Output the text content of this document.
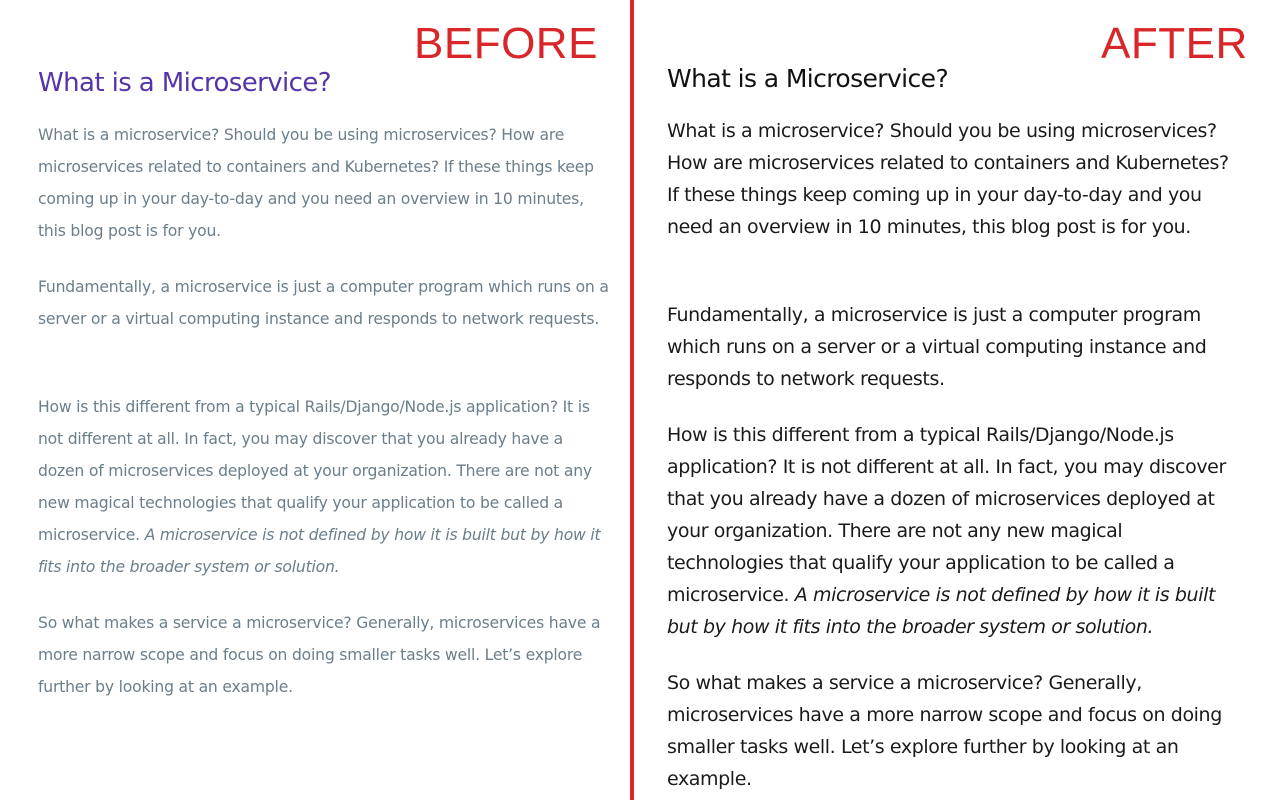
BEFORE	AFTER
What is a Microservice?

What is a microservice? Should you be using microservices? How are microservices related to containers and Kubernetes? If these things keep coming up in your day-to-day and you need an overview in 10 minutes, this blog post is for you.

Fundamentally, a microservice is just a computer program which runs on a server or a virtual computing instance and responds to network requests.

How is this different from a typical Rails/Django/Node.js application? It is not different at all. In fact, you may discover that you already have a dozen of microservices deployed at your organization. There are not any new magical technologies that qualify your application to be called a microservice. A microservice is not defined by how it is built but by how it fits into the broader system or solution.

So what makes a service a microservice? Generally, microservices have a more narrow scope and focus on doing smaller tasks well. Let’s explore further by looking at an example.

What is a Microservice?

What is a microservice? Should you be using microservices? How are microservices related to containers and Kubernetes? If these things keep coming up in your day-to-day and you need an overview in 10 minutes, this blog post is for you.

Fundamentally, a microservice is just a computer program which runs on a server or a virtual computing instance and responds to network requests.

How is this different from a typical Rails/Django/Node.js application? It is not different at all. In fact, you may discover that you already have a dozen of microservices deployed at your organization. There are not any new magical technologies that qualify your application to be called a microservice. A microservice is not defined by how it is built but by how it fits into the broader system or solution.

So what makes a service a microservice? Generally, microservices have a more narrow scope and focus on doing smaller tasks well. Let’s explore further by looking at an example.
